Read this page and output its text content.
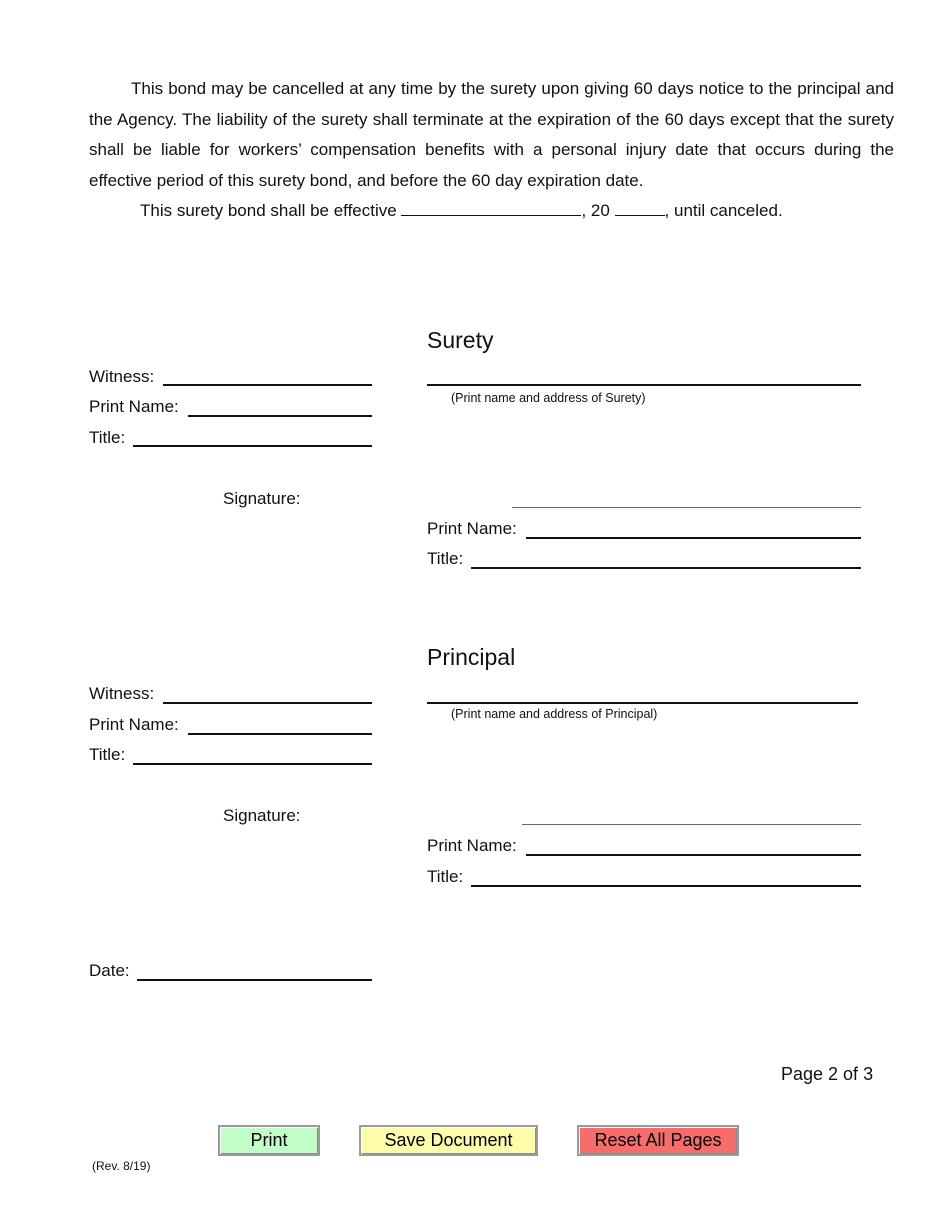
This bond may be cancelled at any time by the surety upon giving 60 days notice to the principal and the Agency. The liability of the surety shall terminate at the expiration of the 60 days except that the surety shall be liable for workers’ compensation benefits with a personal injury date that occurs during the effective period of this surety bond, and before the 60 day expiration date.
This surety bond shall be effective	, 20	, until canceled.
Surety
(Print name and address of Surety)
Witness:
Print Name:
Title:
Signature:
Print Name:
Title:
Principal
(Print name and address of Principal)
Witness:
Print Name:
Title:
Signature:
Print Name:
Title:
Date:
Page 2 of 3
Print	Save Document	Reset All Pages
(Rev. 8/19)
